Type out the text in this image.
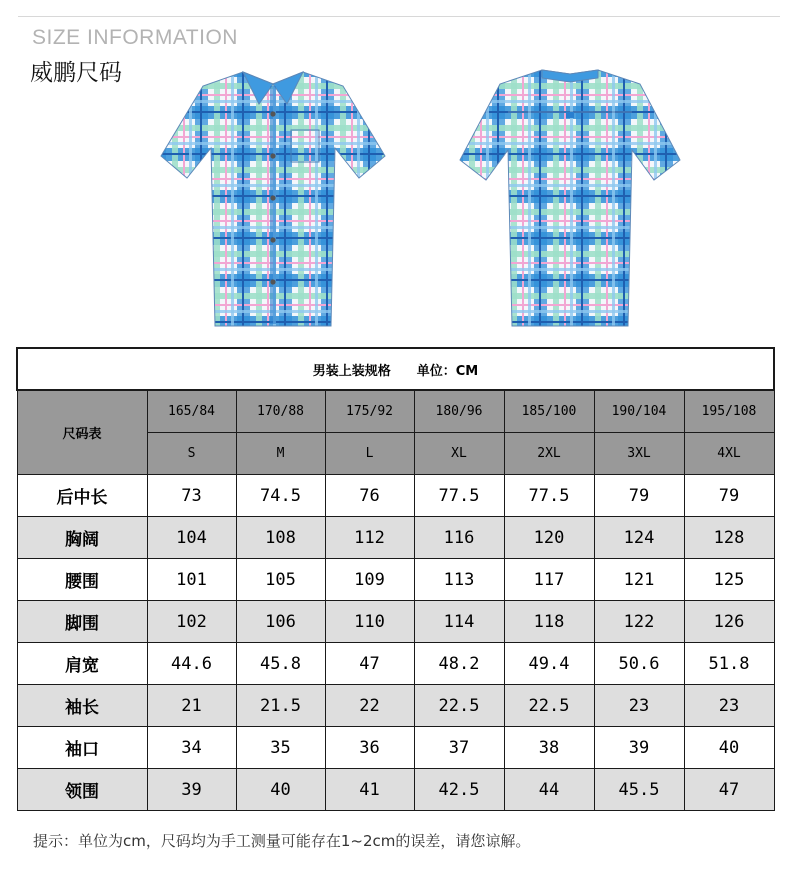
SIZE INFORMATION
威鹏尺码
男装上装规格 单位：CM							
尺码表	165/84	170/88	175/92	180/96	185/100	190/104	195/108
	S	M	L	XL	2XL	3XL	4XL
后中长	73	74.5	76	77.5	77.5	79	79
胸阔	104	108	112	116	120	124	128
腰围	101	105	109	113	117	121	125
脚围	102	106	110	114	118	122	126
肩宽	44.6	45.8	47	48.2	49.4	50.6	51.8
袖长	21	21.5	22	22.5	22.5	23	23
袖口	34	35	36	37	38	39	40
领围	39	40	41	42.5	44	45.5	47
提示：单位为cm，尺码均为手工测量可能存在1~2cm的误差，请您谅解。
